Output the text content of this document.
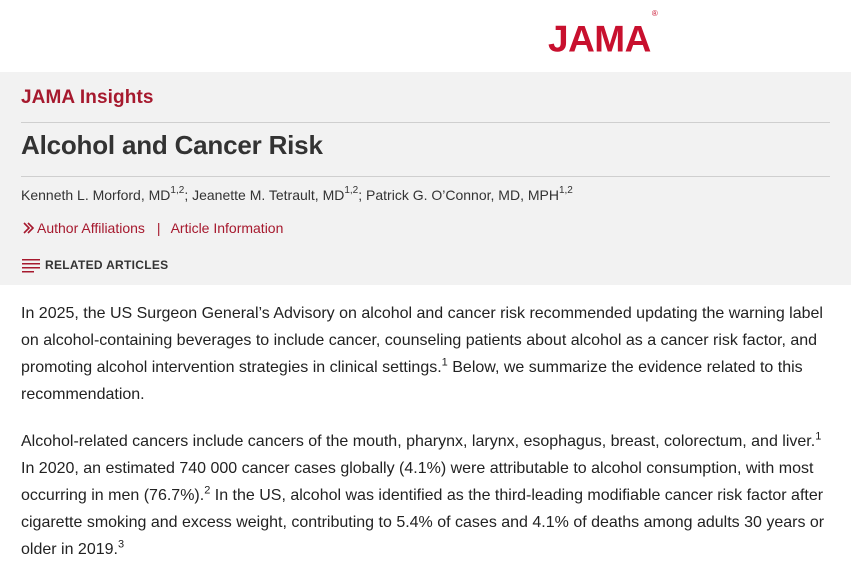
JAMA®
JAMA Insights
Alcohol and Cancer Risk
Kenneth L. Morford, MD$^{1,2}$; Jeanette M. Tetrault, MD$^{1,2}$; Patrick G. O’Connor, MD, MPH$^{1,2}$
Author Affiliations | Article Information
RELATED ARTICLES

In 2025, the US Surgeon General’s Advisory on alcohol and cancer risk recommended updating the warning label on alcohol-containing beverages to include cancer, counseling patients about alcohol as a cancer risk factor, and promoting alcohol intervention strategies in clinical settings.$^1$ Below, we summarize the evidence related to this recommendation.

Alcohol-related cancers include cancers of the mouth, pharynx, larynx, esophagus, breast, colorectum, and liver.$^1$ In 2020, an estimated 740 000 cancer cases globally (4.1%) were attributable to alcohol consumption, with most occurring in men (76.7%).$^2$ In the US, alcohol was identified as the third-leading modifiable cancer risk factor after cigarette smoking and excess weight, contributing to 5.4% of cases and 4.1% of deaths among adults 30 years or older in 2019.$^3$
